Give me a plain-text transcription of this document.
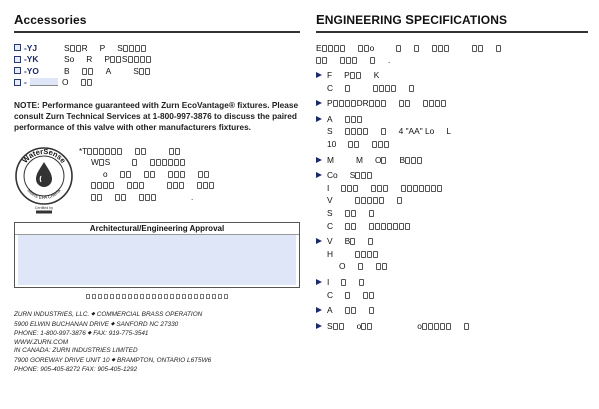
Accessories
-YJ	S R P S
-YK	So R P S
-YO	B	A	S
-	O
NOTE: Performance guaranteed with Zurn EcoVantage® fixtures. Please consult Zurn Technical Services at 1-800-997-3876 to discuss the paired performance of this valve with other manufacturers fixtures.
WaterSense
Meets EPA Criteria
Certified by
*T
W S
o
.
Architectural/Engineering Approval
ZURN INDUSTRIES, LLC. ◆ COMMERCIAL BRASS OPERATION
5900 ELWIN BUCHANAN DRIVE ◆ SANFORD NC 27330
PHONE: 1-800-997-3876 ◆ FAX: 919-775-3541
WWW.ZURN.COM
IN CANADA: ZURN INDUSTRIES LIMITED
7900 GOREWAY DRIVE UNIT 10 ◆ BRAMPTON, ONTARIO L6T5W6
PHONE: 905-405-8272 FAX: 905-405-1292
ENGINEERING SPECIFICATIONS
E	o
.
F P	K
C
P	DR
A
S	4 "AA" Lo L
10
M	M O B
Co S
I
V
S
C
V B
H
O
I
C
A
S	o	o
